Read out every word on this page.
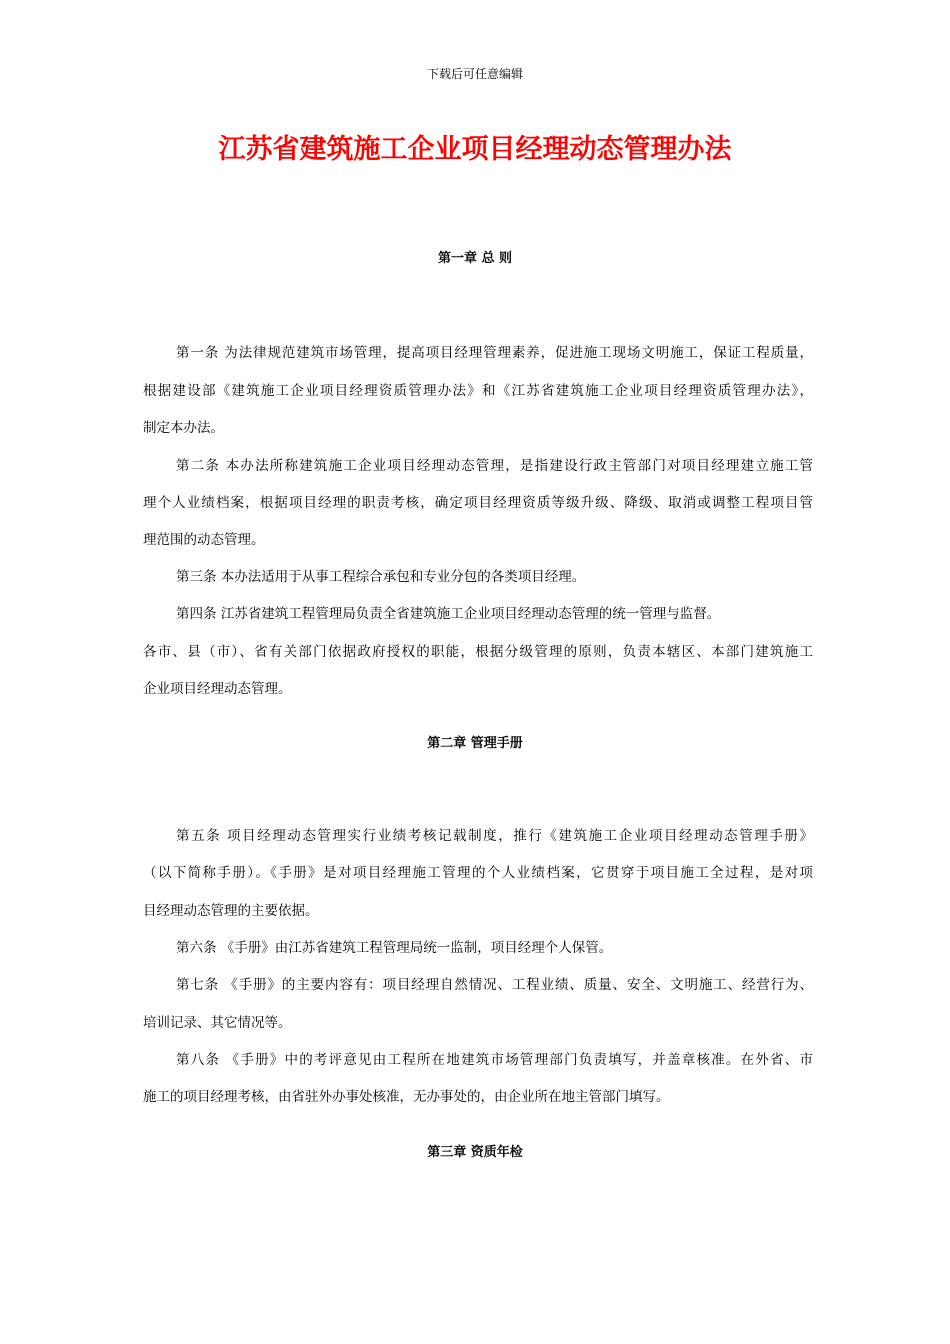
下载后可任意编辑
江苏省建筑施工企业项目经理动态管理办法
第一章 总 则
第一条 为法律规范建筑市场管理，提高项目经理管理素养，促进施工现场文明施工，保证工程质量，
根据建设部《建筑施工企业项目经理资质管理办法》和《江苏省建筑施工企业项目经理资质管理办法》，
制定本办法。
第二条 本办法所称建筑施工企业项目经理动态管理，是指建设行政主管部门对项目经理建立施工管
理个人业绩档案，根据项目经理的职责考核，确定项目经理资质等级升级、降级、取消或调整工程项目管
理范围的动态管理。
第三条 本办法适用于从事工程综合承包和专业分包的各类项目经理。
第四条 江苏省建筑工程管理局负责全省建筑施工企业项目经理动态管理的统一管理与监督。
各市、县（市）、省有关部门依据政府授权的职能，根据分级管理的原则，负责本辖区、本部门建筑施工
企业项目经理动态管理。
第二章 管理手册
第五条 项目经理动态管理实行业绩考核记载制度，推行《建筑施工企业项目经理动态管理手册》
（以下简称手册）。《手册》是对项目经理施工管理的个人业绩档案，它贯穿于项目施工全过程，是对项
目经理动态管理的主要依据。
第六条 《手册》由江苏省建筑工程管理局统一监制，项目经理个人保管。
第七条 《手册》的主要内容有：项目经理自然情况、工程业绩、质量、安全、文明施工、经营行为、
培训记录、其它情况等。
第八条 《手册》中的考评意见由工程所在地建筑市场管理部门负责填写，并盖章核准。在外省、市
施工的项目经理考核，由省驻外办事处核准，无办事处的，由企业所在地主管部门填写。
第三章 资质年检
